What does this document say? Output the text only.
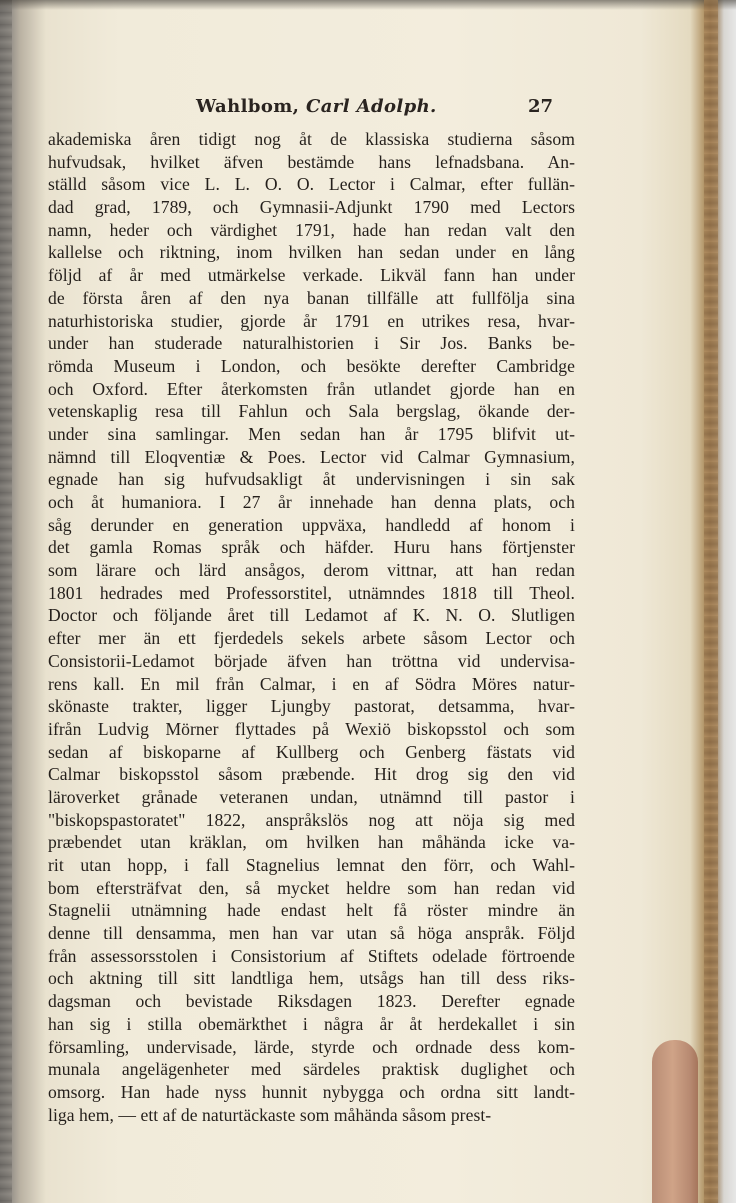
Wahlbom, Carl Adolph.	27
akademiska åren tidigt nog åt de klassiska studierna såsom
hufvudsak, hvilket äfven bestämde hans lefnadsbana. An-
ställd såsom vice L. L. O. O. Lector i Calmar, efter fullän-
dad grad, 1789, och Gymnasii-Adjunkt 1790 med Lectors
namn, heder och värdighet 1791, hade han redan valt den
kallelse och riktning, inom hvilken han sedan under en lång
följd af år med utmärkelse verkade. Likväl fann han under
de första åren af den nya banan tillfälle att fullfölja sina
naturhistoriska studier, gjorde år 1791 en utrikes resa, hvar-
under han studerade naturalhistorien i Sir Jos. Banks be-
römda Museum i London, och besökte derefter Cambridge
och Oxford. Efter återkomsten från utlandet gjorde han en
vetenskaplig resa till Fahlun och Sala bergslag, ökande der-
under sina samlingar. Men sedan han år 1795 blifvit ut-
nämnd till Eloqventiæ & Poes. Lector vid Calmar Gymnasium,
egnade han sig hufvudsakligt åt undervisningen i sin sak
och åt humaniora. I 27 år innehade han denna plats, och
såg derunder en generation uppväxa, handledd af honom i
det gamla Romas språk och häfder. Huru hans förtjenster
som lärare och lärd ansågos, derom vittnar, att han redan
1801 hedrades med Professorstitel, utnämndes 1818 till Theol.
Doctor och följande året till Ledamot af K. N. O. Slutligen
efter mer än ett fjerdedels sekels arbete såsom Lector och
Consistorii-Ledamot började äfven han tröttna vid undervisa-
rens kall. En mil från Calmar, i en af Södra Möres natur-
skönaste trakter, ligger Ljungby pastorat, detsamma, hvar-
ifrån Ludvig Mörner flyttades på Wexiö biskopsstol och som
sedan af biskoparne af Kullberg och Genberg fästats vid
Calmar biskopsstol såsom præbende. Hit drog sig den vid
läroverket grånade veteranen undan, utnämnd till pastor i
"biskopspastoratet" 1822, anspråkslös nog att nöja sig med
præbendet utan kräklan, om hvilken han måhända icke va-
rit utan hopp, i fall Stagnelius lemnat den förr, och Wahl-
bom eftersträfvat den, så mycket heldre som han redan vid
Stagnelii utnämning hade endast helt få röster mindre än
denne till densamma, men han var utan så höga anspråk. Följd
från assessorsstolen i Consistorium af Stiftets odelade förtroende
och aktning till sitt landtliga hem, utsågs han till dess riks-
dagsman och bevistade Riksdagen 1823. Derefter egnade
han sig i stilla obemärkthet i några år åt herdekallet i sin
församling, undervisade, lärde, styrde och ordnade dess kom-
munala angelägenheter med särdeles praktisk duglighet och
omsorg. Han hade nyss hunnit nybygga och ordna sitt landt-
liga hem, — ett af de naturtäckaste som måhända såsom prest-
